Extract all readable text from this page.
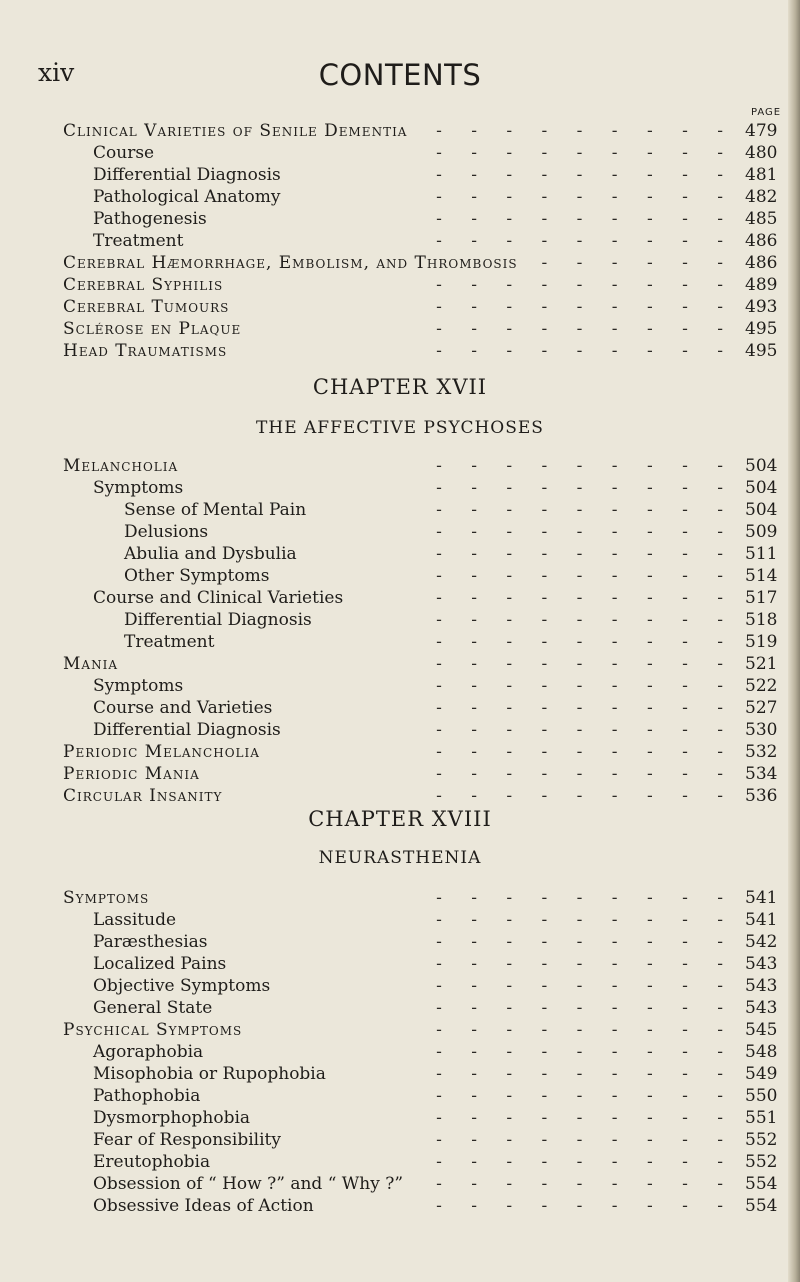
xiv	CONTENTS
PAGE
Clinical Varieties of Senile Dementia - - - - - - - - - 479
Course	- - - - - - - - - 480
Differential Diagnosis	- - - - - - - - - 481
Pathological Anatomy	- - - - - - - - - 482
Pathogenesis	- - - - - - - - - 485
Treatment	- - - - - - - - - 486
Cerebral Hæmorrhage, Embolism, and Thrombosis - - - - - - 486
Cerebral Syphilis	- - - - - - - - - 489
Cerebral Tumours	- - - - - - - - - 493
Sclérose en Plaque	- - - - - - - - - 495
Head Traumatisms	- - - - - - - - - 495
CHAPTER XVII
THE AFFECTIVE PSYCHOSES
Melancholia	- - - - - - - - - 504
Symptoms	- - - - - - - - - 504
Sense of Mental Pain	- - - - - - - - - 504
Delusions	- - - - - - - - - 509
Abulia and Dysbulia	- - - - - - - - - 511
Other Symptoms	- - - - - - - - - 514
Course and Clinical Varieties	- - - - - - - - - 517
Differential Diagnosis	- - - - - - - - - 518
Treatment	- - - - - - - - - 519
Mania	- - - - - - - - - 521
Symptoms	- - - - - - - - - 522
Course and Varieties	- - - - - - - - - 527
Differential Diagnosis	- - - - - - - - - 530
Periodic Melancholia	- - - - - - - - - 532
Periodic Mania	- - - - - - - - - 534
Circular Insanity	- - - - - - - - - 536
CHAPTER XVIII
NEURASTHENIA
Symptoms	- - - - - - - - - 541
Lassitude	- - - - - - - - - 541
Paræsthesias	- - - - - - - - - 542
Localized Pains	- - - - - - - - - 543
Objective Symptoms	- - - - - - - - - 543
General State	- - - - - - - - - 543
Psychical Symptoms	- - - - - - - - - 545
Agoraphobia	- - - - - - - - - 548
Misophobia or Rupophobia	- - - - - - - - - 549
Pathophobia	- - - - - - - - - 550
Dysmorphophobia	- - - - - - - - - 551
Fear of Responsibility	- - - - - - - - - 552
Ereutophobia	- - - - - - - - - 552
Obsession of “ How ?” and “ Why ?” - - - - - - - - - 554
Obsessive Ideas of Action	- - - - - - - - - 554
